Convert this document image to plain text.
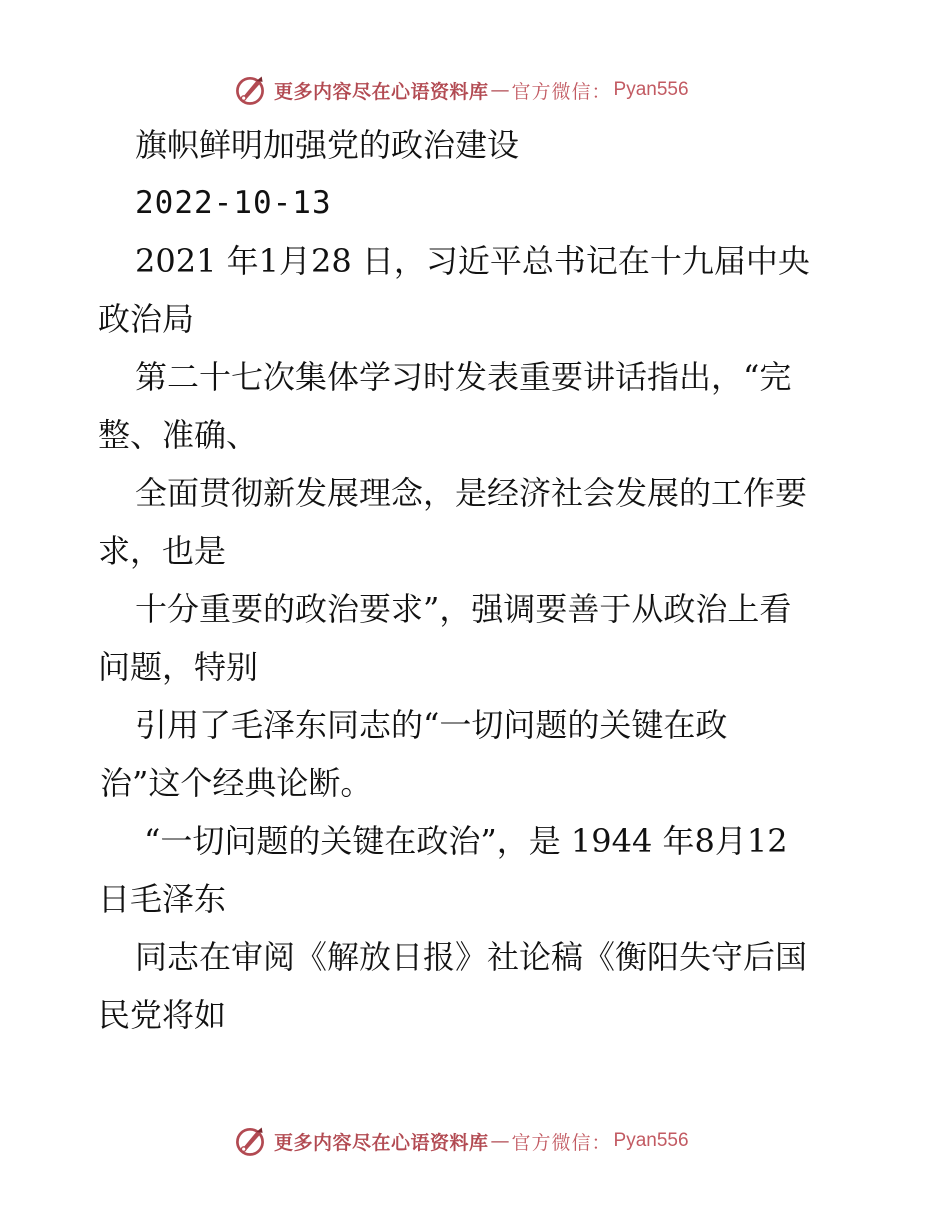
更多内容尽在心语资料库 — 官方微信： Pyan556
旗帜鲜明加强党的政治建设
2022-10-13
2021 年1月28 日，习近平总书记在十九届中央
政治局
第二十七次集体学习时发表重要讲话指出，“完
整、准确、
全面贯彻新发展理念，是经济社会发展的工作要
求，也是
十分重要的政治要求”，强调要善于从政治上看
问题，特别
引用了毛泽东同志的“一切问题的关键在政
治”这个经典论断。
“一切问题的关键在政治”，是 1944 年8月12
日毛泽东
同志在审阅《解放日报》社论稿《衡阳失守后国
民党将如
更多内容尽在心语资料库 — 官方微信： Pyan556
